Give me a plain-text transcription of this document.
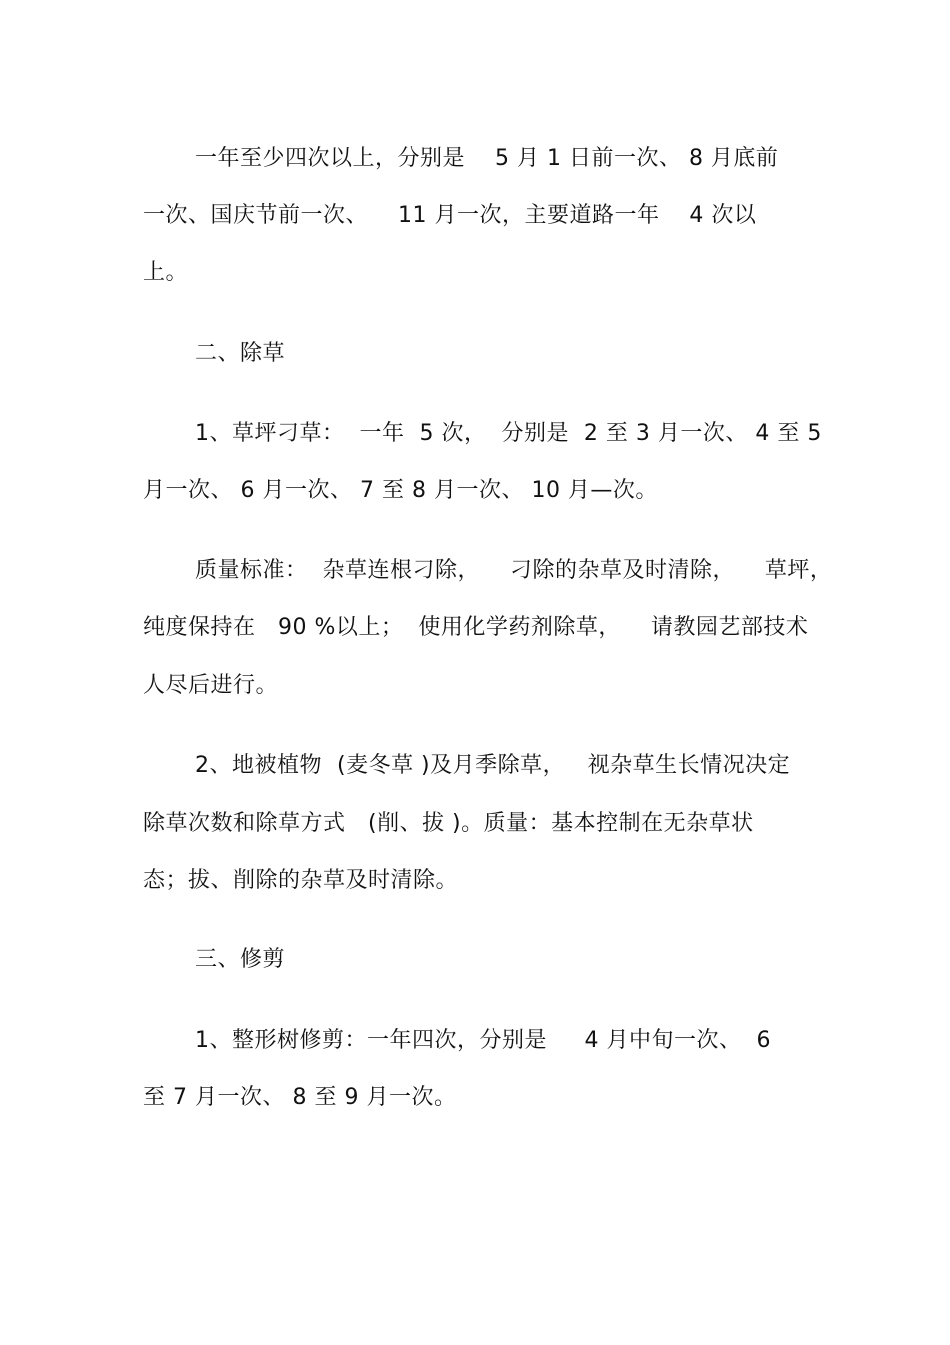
一年至少四次以上，分别是    5 月 1 日前一次、 8 月底前
一次、国庆节前一次、    11 月一次，主要道路一年    4 次以
上。
二、除草
1、草坪刁草：  一年  5 次，  分别是  2 至 3 月一次、 4 至 5
月一次、 6 月一次、 7 至 8 月一次、 10 月—次。
质量标准：  杂草连根刁除，    刁除的杂草及时清除，    草坪，
纯度保持在   90 %以上；  使用化学药剂除草，    请教园艺部技术
人尽后进行。
2、地被植物  (麦冬草 )及月季除草，   视杂草生长情况决定
除草次数和除草方式   (削、拔 )。质量：基本控制在无杂草状
态；拔、削除的杂草及时清除。
三、修剪
1、整形树修剪：一年四次，分别是     4 月中旬一次、  6
至 7 月一次、 8 至 9 月一次。
